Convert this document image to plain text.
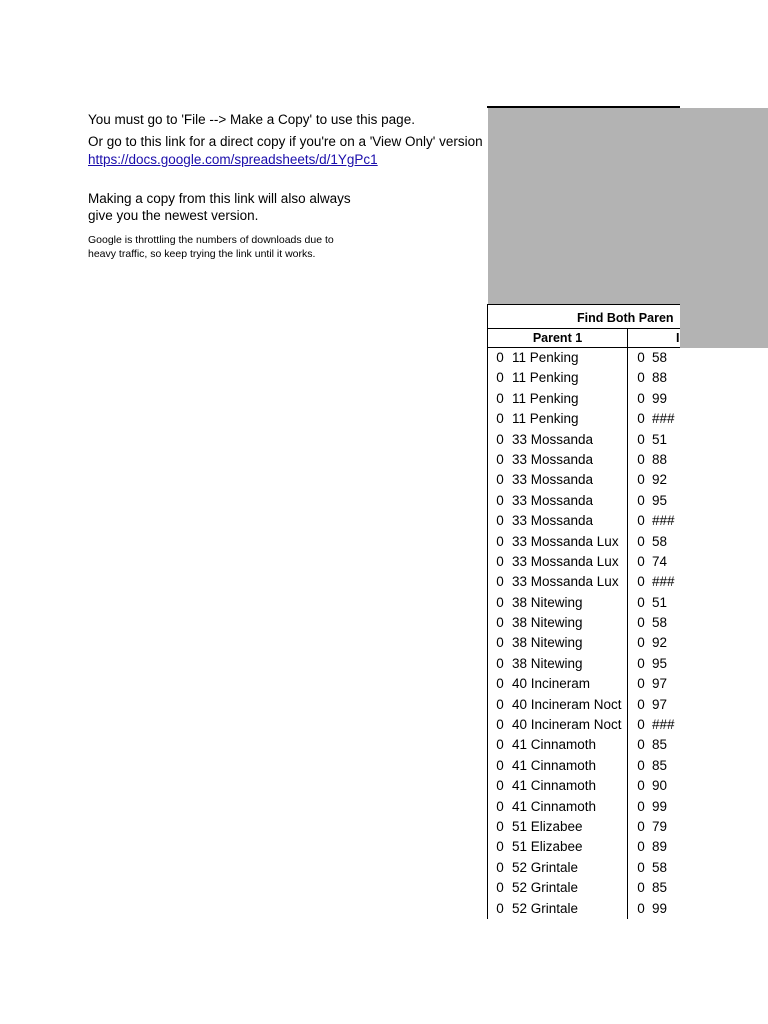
You must go to 'File --> Make a Copy' to use this page.
Or go to this link for a direct copy if you're on a 'View Only' version
https://docs.google.com/spreadsheets/d/1YgPc1
Making a copy from this link will also always
give you the newest version.
Google is throttling the numbers of downloads due to
heavy traffic, so keep trying the link until it works.
Find Both Paren
Parent 1	I
0 11 Penking	0 58
0 11 Penking	0 88
0 11 Penking	0 99
0 11 Penking	0 ###
0 33 Mossanda	0 51
0 33 Mossanda	0 88
0 33 Mossanda	0 92
0 33 Mossanda	0 95
0 33 Mossanda	0 ###
0 33 Mossanda Lux	0 58
0 33 Mossanda Lux	0 74
0 33 Mossanda Lux	0 ###
0 38 Nitewing	0 51
0 38 Nitewing	0 58
0 38 Nitewing	0 92
0 38 Nitewing	0 95
0 40 Incineram	0 97
0 40 Incineram Noct	0 97
0 40 Incineram Noct	0 ###
0 41 Cinnamoth	0 85
0 41 Cinnamoth	0 85
0 41 Cinnamoth	0 90
0 41 Cinnamoth	0 99
0 51 Elizabee	0 79
0 51 Elizabee	0 89
0 52 Grintale	0 58
0 52 Grintale	0 85
0 52 Grintale	0 99
